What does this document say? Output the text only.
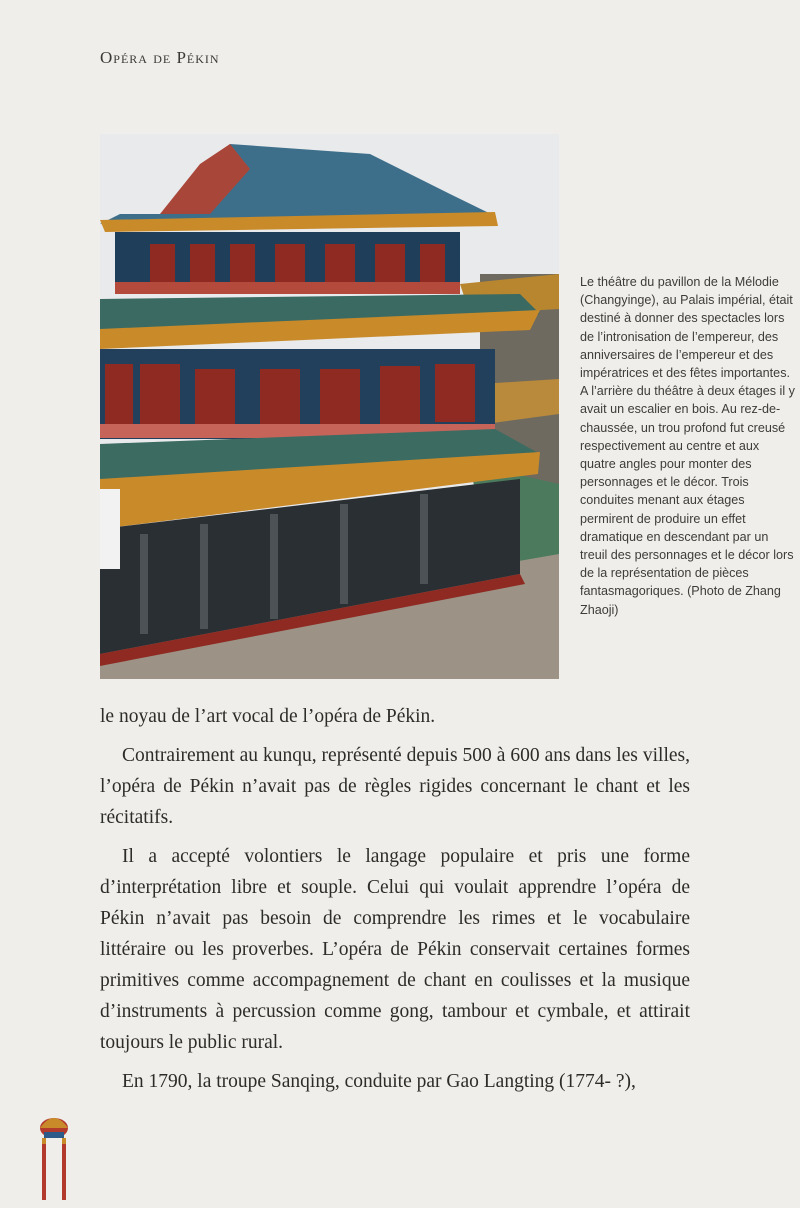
Opéra de Pékin
Le théâtre du pavillon de la Mélodie (Changyinge), au Palais impérial, était destiné à donner des spectacles lors de l’intronisation de l’empereur, des anniversaires de l’empereur et des impératrices et des fêtes importantes. A l’arrière du théâtre à deux étages il y avait un escalier en bois. Au rez-de-chaussée, un trou profond fut creusé respectivement au centre et aux quatre angles pour monter des personnages et le décor. Trois conduites menant aux étages permirent de produire un effet dramatique en descendant par un treuil des personnages et le décor lors de la représentation de pièces fantasmagoriques. (Photo de Zhang Zhaoji)

le noyau de l’art vocal de l’opéra de Pékin.

Contrairement au kunqu, représenté depuis 500 à 600 ans dans les villes, l’opéra de Pékin n’avait pas de règles rigides concernant le chant et les récitatifs.

Il a accepté volontiers le langage populaire et pris une forme d’interprétation libre et souple. Celui qui voulait apprendre l’opéra de Pékin n’avait pas besoin de comprendre les rimes et le vocabulaire littéraire ou les proverbes. L’opéra de Pékin conservait certaines formes primitives comme accompagnement de chant en coulisses et la musique d’instruments à percussion comme gong, tambour et cymbale, et attirait toujours le public rural.

En 1790, la troupe Sanqing, conduite par Gao Langting (1774- ?),
